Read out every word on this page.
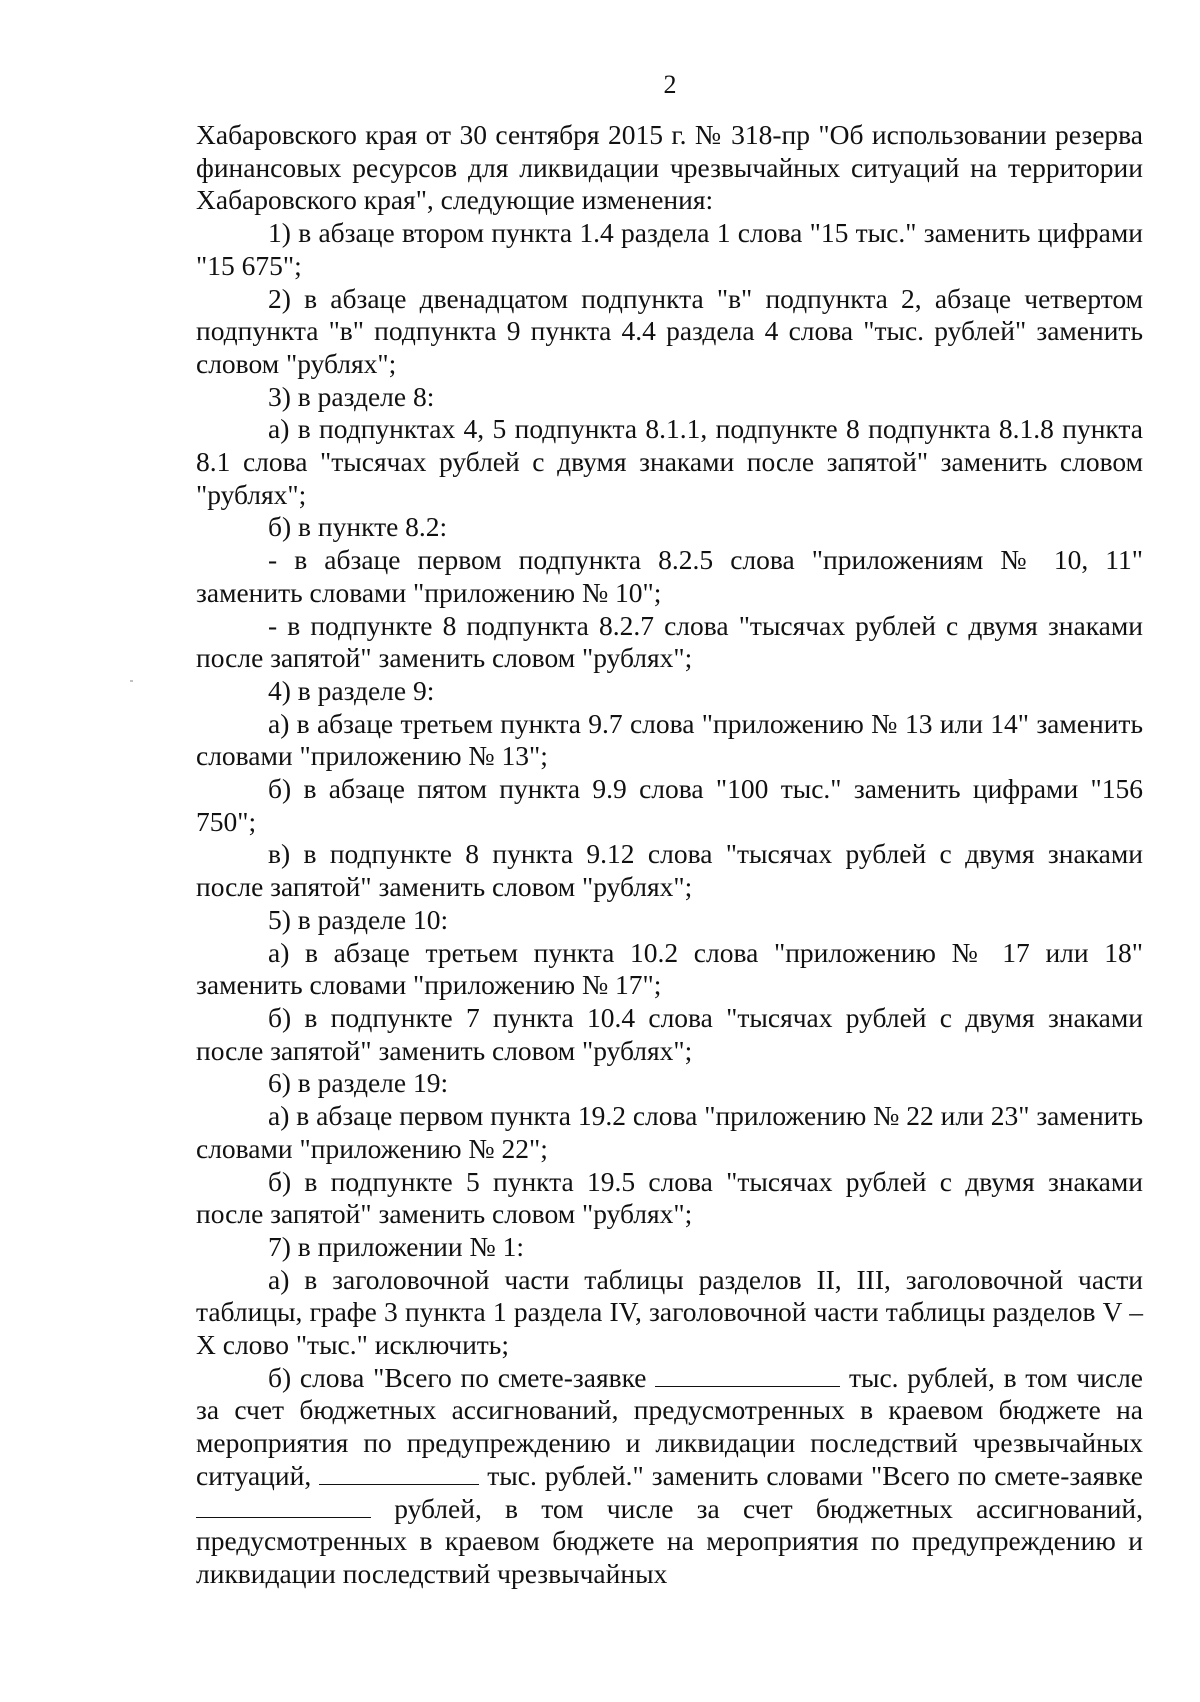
2

Хабаровского края от 30 сентября 2015 г. № 318-пр "Об использовании резерва финансовых ресурсов для ликвидации чрезвычайных ситуаций на территории Хабаровского края", следующие изменения:

1) в абзаце втором пункта 1.4 раздела 1 слова "15 тыс." заменить цифрами "15 675";

2) в абзаце двенадцатом подпункта "в" подпункта 2, абзаце четвертом подпункта "в" подпункта 9 пункта 4.4 раздела 4 слова "тыс. рублей" заменить словом "рублях";

3) в разделе 8:

а) в подпунктах 4, 5 подпункта 8.1.1, подпункте 8 подпункта 8.1.8 пункта 8.1 слова "тысячах рублей с двумя знаками после запятой" заменить словом "рублях";

б) в пункте 8.2:

- в абзаце первом подпункта 8.2.5 слова "приложениям № 10, 11" заменить словами "приложению № 10";

- в подпункте 8 подпункта 8.2.7 слова "тысячах рублей с двумя знаками после запятой" заменить словом "рублях";

4) в разделе 9:

а) в абзаце третьем пункта 9.7 слова "приложению № 13 или 14" заменить словами "приложению № 13";

б) в абзаце пятом пункта 9.9 слова "100 тыс." заменить цифрами "156 750";

в) в подпункте 8 пункта 9.12 слова "тысячах рублей с двумя знаками после запятой" заменить словом "рублях";

5) в разделе 10:

а) в абзаце третьем пункта 10.2 слова "приложению № 17 или 18" заменить словами "приложению № 17";

б) в подпункте 7 пункта 10.4 слова "тысячах рублей с двумя знаками после запятой" заменить словом "рублях";

6) в разделе 19:

а) в абзаце первом пункта 19.2 слова "приложению № 22 или 23" заменить словами "приложению № 22";

б) в подпункте 5 пункта 19.5 слова "тысячах рублей с двумя знаками после запятой" заменить словом "рублях";

7) в приложении № 1:

а) в заголовочной части таблицы разделов II, III, заголовочной части таблицы, графе 3 пункта 1 раздела IV, заголовочной части таблицы разделов V – X слово "тыс." исключить;

б) слова "Всего по смете-заявке	тыс. рублей, в том числе за счет бюджетных ассигнований, предусмотренных в краевом бюджете на мероприятия по предупреждению и ликвидации последствий чрезвычайных ситуаций,	тыс. рублей." заменить словами "Всего по смете-заявке  рублей, в том числе за счет бюджетных ассигнований, предусмотренных в краевом бюджете на мероприятия по предупреждению и ликвидации последствий чрезвычайных
